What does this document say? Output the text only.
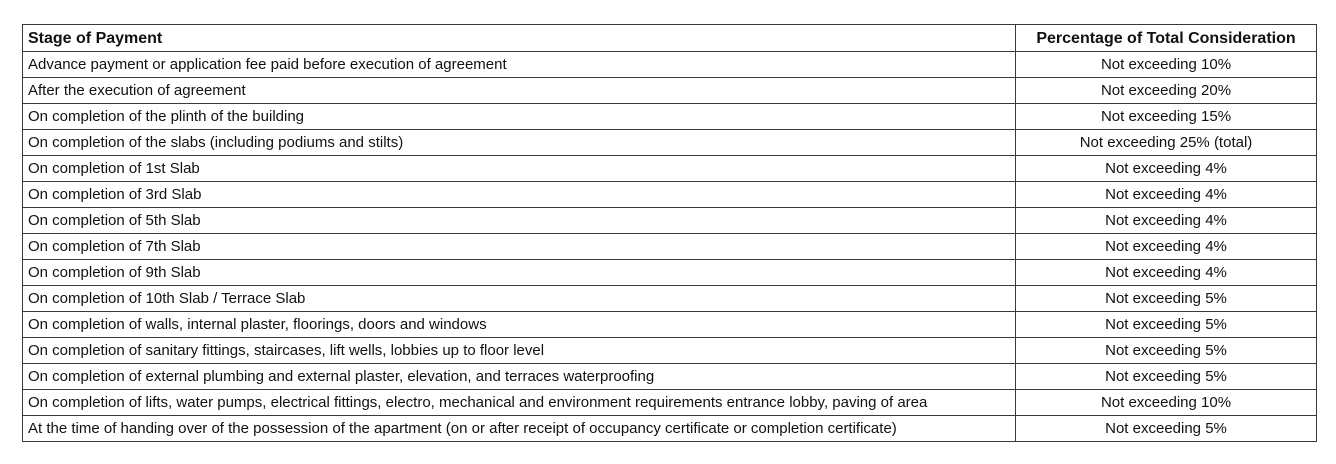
Stage of Payment	Percentage of Total Consideration
Advance payment or application fee paid before execution of agreement	Not exceeding 10%
After the execution of agreement	Not exceeding 20%
On completion of the plinth of the building	Not exceeding 15%
On completion of the slabs (including podiums and stilts)	Not exceeding 25% (total)
On completion of 1st Slab	Not exceeding 4%
On completion of 3rd Slab	Not exceeding 4%
On completion of 5th Slab	Not exceeding 4%
On completion of 7th Slab	Not exceeding 4%
On completion of 9th Slab	Not exceeding 4%
On completion of 10th Slab / Terrace Slab	Not exceeding 5%
On completion of walls, internal plaster, floorings, doors and windows	Not exceeding 5%
On completion of sanitary fittings, staircases, lift wells, lobbies up to floor level	Not exceeding 5%
On completion of external plumbing and external plaster, elevation, and terraces waterproofing	Not exceeding 5%
On completion of lifts, water pumps, electrical fittings, electro, mechanical and environment requirements entrance lobby, paving of area	Not exceeding 10%
At the time of handing over of the possession of the apartment (on or after receipt of occupancy certificate or completion certificate)	Not exceeding 5%
